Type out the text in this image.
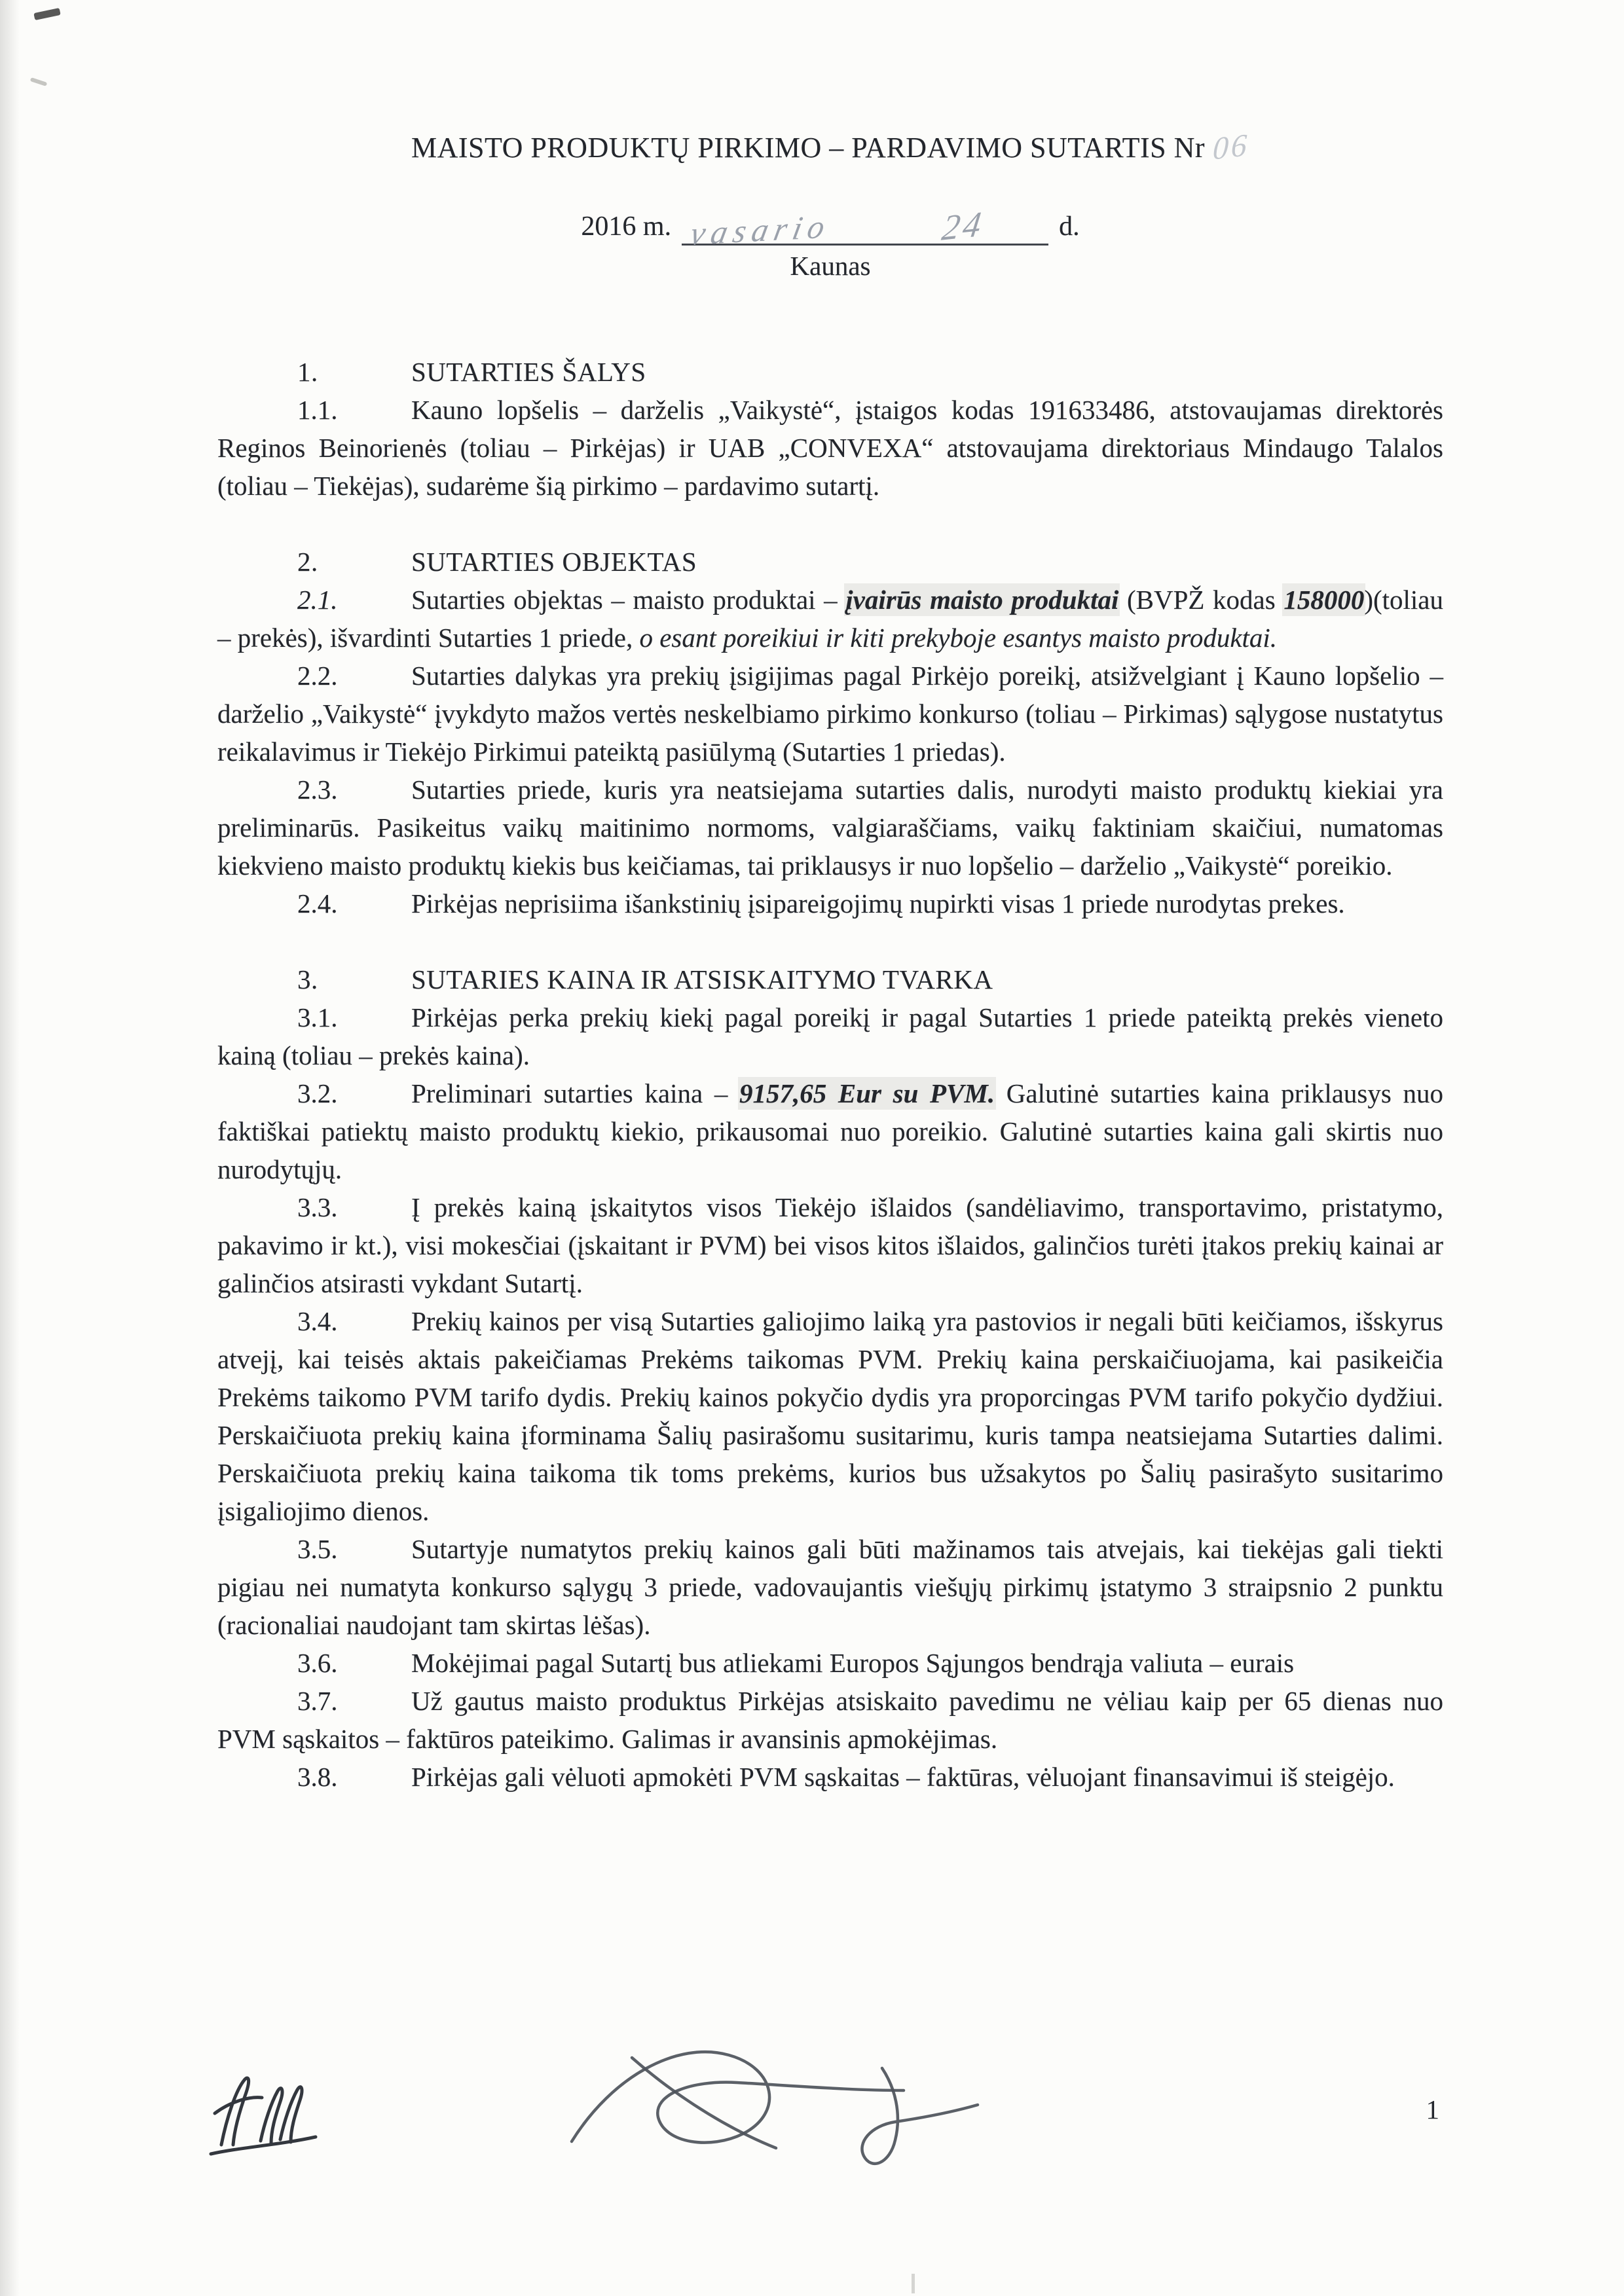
MAISTO PRODUKTŲ PIRKIMO – PARDAVIMO SUTARTIS Nr 06
2016 m. vasario	24	d.
Kaunas

1.	SUTARTIES ŠALYS

1.1.	Kauno lopšelis – darželis „Vaikystė“, įstaigos kodas 191633486, atstovaujamas direktorės Reginos Beinorienės (toliau – Pirkėjas) ir UAB „CONVEXA“ atstovaujama direktoriaus Mindaugo Talalos (toliau – Tiekėjas), sudarėme šią pirkimo – pardavimo sutartį.

2.	SUTARTIES OBJEKTAS

2.1.	Sutarties objektas – maisto produktai – įvairūs maisto produktai (BVPŽ kodas 158000)(toliau – prekės), išvardinti Sutarties 1 priede, o esant poreikiui ir kiti prekyboje esantys maisto produktai.

2.2.	Sutarties dalykas yra prekių įsigijimas pagal Pirkėjo poreikį, atsižvelgiant į Kauno lopšelio – darželio „Vaikystė“ įvykdyto mažos vertės neskelbiamo pirkimo konkurso (toliau – Pirkimas) sąlygose nustatytus reikalavimus ir Tiekėjo Pirkimui pateiktą pasiūlymą (Sutarties 1 priedas).

2.3.	Sutarties priede, kuris yra neatsiejama sutarties dalis, nurodyti maisto produktų kiekiai yra preliminarūs. Pasikeitus vaikų maitinimo normoms, valgiaraščiams, vaikų faktiniam skaičiui, numatomas kiekvieno maisto produktų kiekis bus keičiamas, tai priklausys ir nuo lopšelio – darželio „Vaikystė“ poreikio.

2.4.	Pirkėjas neprisiima išankstinių įsipareigojimų nupirkti visas 1 priede nurodytas prekes.

3.	SUTARIES KAINA IR ATSISKAITYMO TVARKA

3.1.	Pirkėjas perka prekių kiekį pagal poreikį ir pagal Sutarties 1 priede pateiktą prekės vieneto kainą (toliau – prekės kaina).

3.2.	Preliminari sutarties kaina – 9157,65 Eur su PVM. Galutinė sutarties kaina priklausys nuo faktiškai patiektų maisto produktų kiekio, prikausomai nuo poreikio. Galutinė sutarties kaina gali skirtis nuo nurodytųjų.

3.3.	Į prekės kainą įskaitytos visos Tiekėjo išlaidos (sandėliavimo, transportavimo, pristatymo, pakavimo ir kt.), visi mokesčiai (įskaitant ir PVM) bei visos kitos išlaidos, galinčios turėti įtakos prekių kainai ar galinčios atsirasti vykdant Sutartį.

3.4.	Prekių kainos per visą Sutarties galiojimo laiką yra pastovios ir negali būti keičiamos, išskyrus atvejį, kai teisės aktais pakeičiamas Prekėms taikomas PVM. Prekių kaina perskaičiuojama, kai pasikeičia Prekėms taikomo PVM tarifo dydis. Prekių kainos pokyčio dydis yra proporcingas PVM tarifo pokyčio dydžiui. Perskaičiuota prekių kaina įforminama Šalių pasirašomu susitarimu, kuris tampa neatsiejama Sutarties dalimi. Perskaičiuota prekių kaina taikoma tik toms prekėms, kurios bus užsakytos po Šalių pasirašyto susitarimo įsigaliojimo dienos.

3.5.	Sutartyje numatytos prekių kainos gali būti mažinamos tais atvejais, kai tiekėjas gali tiekti pigiau nei numatyta konkurso sąlygų 3 priede, vadovaujantis viešųjų pirkimų įstatymo 3 straipsnio 2 punktu (racionaliai naudojant tam skirtas lėšas).

3.6.	Mokėjimai pagal Sutartį bus atliekami Europos Sąjungos bendrąja valiuta – eurais

3.7.	Už gautus maisto produktus Pirkėjas atsiskaito pavedimu ne vėliau kaip per 65 dienas nuo PVM sąskaitos – faktūros pateikimo. Galimas ir avansinis apmokėjimas.

3.8.	Pirkėjas gali vėluoti apmokėti PVM sąskaitas – faktūras, vėluojant finansavimui iš steigėjo.

1
